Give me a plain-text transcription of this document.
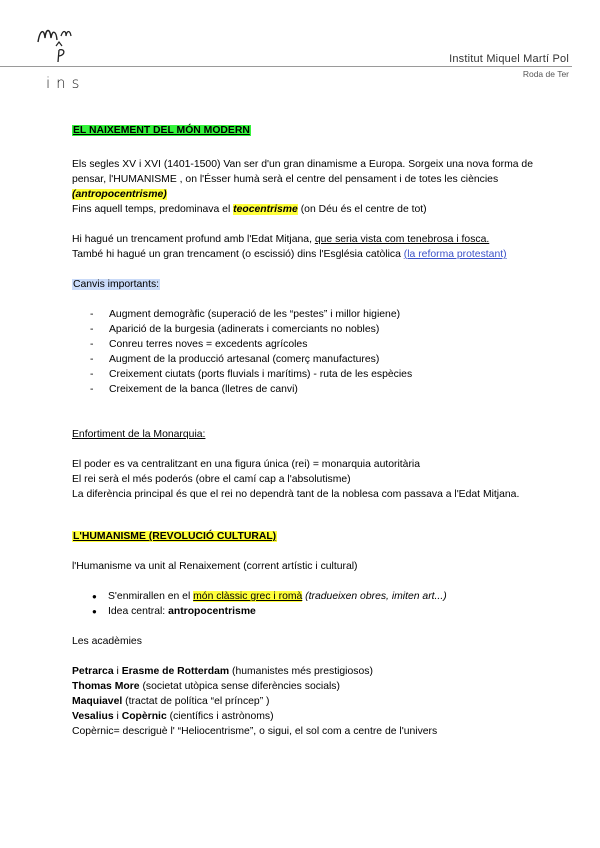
ins
Institut Miquel Martí Pol
Roda de Ter

EL NAIXEMENT DEL MÓN MODERN

Els segles XV i XVI (1401-1500) Van ser d'un gran dinamisme a Europa. Sorgeix una nova forma de pensar, l'HUMANISME , on l'Ésser humà serà el centre del pensament i de totes les ciències (antropocentrisme)

Fins aquell temps, predominava el teocentrisme (on Déu és el centre de tot)

Hi hagué un trencament profund amb l'Edat Mitjana, que seria vista com tenebrosa i fosca.

També hi hagué un gran trencament (o escissió) dins l'Església catòlica (la reforma protestant)

Canvis importants:

- Augment demogràfic (superació de les “pestes” i millor higiene)
- Aparició de la burgesia (adinerats i comerciants no nobles)
- Conreu terres noves = excedents agrícoles
- Augment de la producció artesanal (comerç manufactures)
- Creixement ciutats (ports fluvials i marítims) - ruta de les espècies
- Creixement de la banca (lletres de canvi)

Enfortiment de la Monarquia:

El poder es va centralitzant en una figura única (rei) = monarquia autoritària

El rei serà el més poderós (obre el camí cap a l'absolutisme)

La diferència principal és que el rei no dependrà tant de la noblesa com passava a l'Edat Mitjana.

L'HUMANISME (REVOLUCIÓ CULTURAL)

l'Humanisme va unit al Renaixement (corrent artístic i cultural)

● S'enmirallen en el món clàssic grec i romà (tradueixen obres, imiten art...)
● Idea central: antropocentrisme

Les acadèmies

Petrarca i Erasme de Rotterdam (humanistes més prestigiosos)

Thomas More (societat utòpica sense diferències socials)

Maquiavel (tractat de política “el príncep” )

Vesalius i Copèrnic (científics i astrònoms)

Copèrnic= descriguè l' “Heliocentrisme”, o sigui, el sol com a centre de l'univers
